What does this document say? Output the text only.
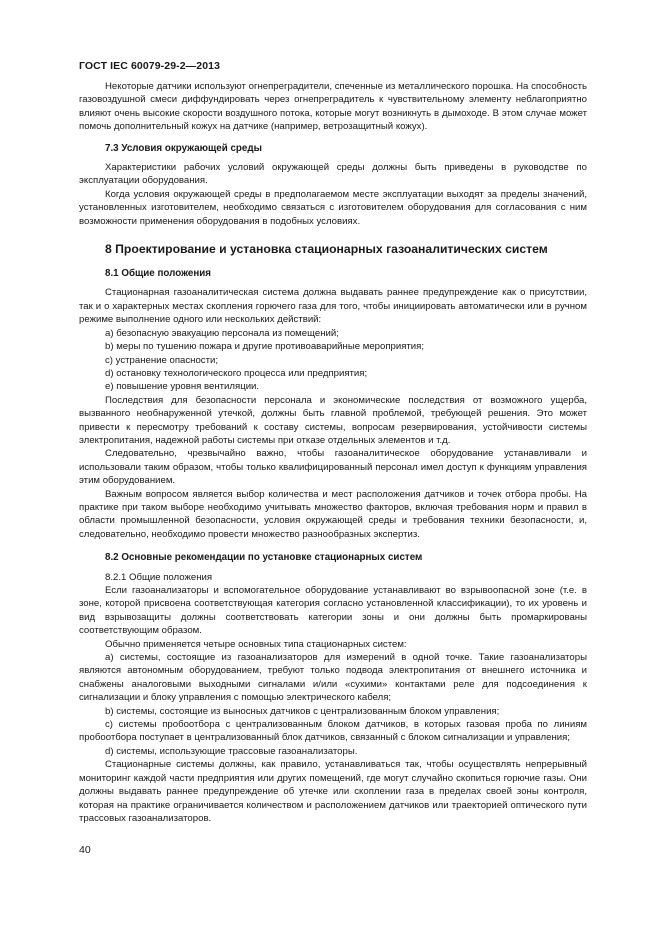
ГОСТ IEC 60079-29-2—2013

Некоторые датчики используют огнепреградители, спеченные из металлического порошка. На способность газовоздушной смеси диффундировать через огнепреградитель к чувствительному элементу неблагоприятно влияют очень высокие скорости воздушного потока, которые могут возникнуть в дымоходе. В этом случае может помочь дополнительный кожух на датчике (например, ветрозащитный кожух).

7.3 Условия окружающей среды

Характеристики рабочих условий окружающей среды должны быть приведены в руководстве по эксплуатации оборудования.

Когда условия окружающей среды в предполагаемом месте эксплуатации выходят за пределы значений, установленных изготовителем, необходимо связаться с изготовителем оборудования для согласования с ним возможности применения оборудования в подобных условиях.

8 Проектирование и установка стационарных газоаналитических систем
8.1 Общие положения

Стационарная газоаналитическая система должна выдавать раннее предупреждение как о присутствии, так и о характерных местах скопления горючего газа для того, чтобы инициировать автоматически или в ручном режиме выполнение одного или нескольких действий:

a) безопасную эвакуацию персонала из помещений;

b) меры по тушению пожара и другие противоаварийные мероприятия;

c) устранение опасности;

d) остановку технологического процесса или предприятия;

e) повышение уровня вентиляции.

Последствия для безопасности персонала и экономические последствия от возможного ущерба, вызванного необнаруженной утечкой, должны быть главной проблемой, требующей решения. Это может привести к пересмотру требований к составу системы, вопросам резервирования, устойчивости системы электропитания, надежной работы системы при отказе отдельных элементов и т.д.

Следовательно, чрезвычайно важно, чтобы газоаналитическое оборудование устанавливали и использовали таким образом, чтобы только квалифицированный персонал имел доступ к функциям управления этим оборудованием.

Важным вопросом является выбор количества и мест расположения датчиков и точек отбора пробы. На практике при таком выборе необходимо учитывать множество факторов, включая требования норм и правил в области промышленной безопасности, условия окружающей среды и требования техники безопасности, и, следовательно, необходимо провести множество разнообразных экспертиз.

8.2 Основные рекомендации по установке стационарных систем

8.2.1 Общие положения

Если газоанализаторы и вспомогательное оборудование устанавливают во взрывоопасной зоне (т.е. в зоне, которой присвоена соответствующая категория согласно установленной классификации), то их уровень и вид взрывозащиты должны соответствовать категории зоны и они должны быть промаркированы соответствующим образом.

Обычно применяется четыре основных типа стационарных систем:

a) системы, состоящие из газоанализаторов для измерений в одной точке. Такие газоанализаторы являются автономным оборудованием, требуют только подвода электропитания от внешнего источника и снабжены аналоговыми выходными сигналами и/или «сухими» контактами реле для подсоединения к сигнализации и блоку управления с помощью электрического кабеля;

b) системы, состоящие из выносных датчиков с централизованным блоком управления;

c) системы пробоотбора с централизованным блоком датчиков, в которых газовая проба по линиям пробоотбора поступает в централизованный блок датчиков, связанный с блоком сигнализации и управления;

d) системы, использующие трассовые газоанализаторы.

Стационарные системы должны, как правило, устанавливаться так, чтобы осуществлять непрерывный мониторинг каждой части предприятия или других помещений, где могут случайно скопиться горючие газы. Они должны выдавать раннее предупреждение об утечке или скоплении газа в пределах своей зоны контроля, которая на практике ограничивается количеством и расположением датчиков или траекторией оптического пути трассовых газоанализаторов.

40
